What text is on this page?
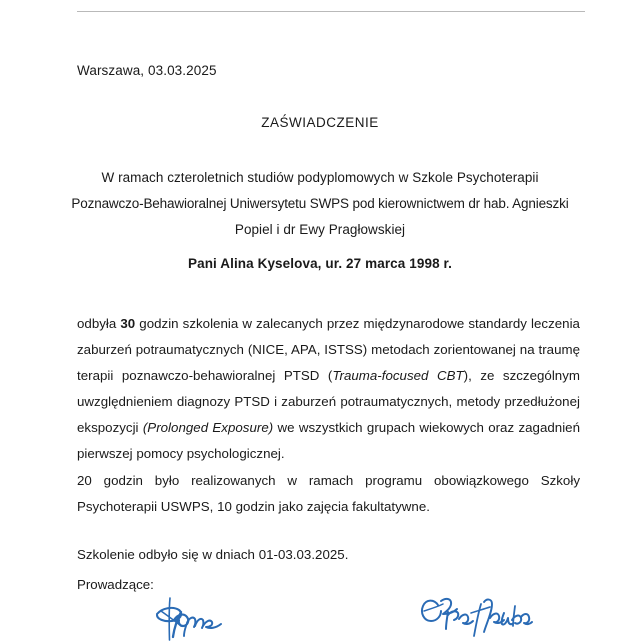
Warszawa, 03.03.2025
ZAŚWIADCZENIE
W ramach czteroletnich studiów podyplomowych w Szkole Psychoterapii
Poznawczo-Behawioralnej Uniwersytetu SWPS pod kierownictwem dr hab. Agnieszki
Popiel i dr Ewy Pragłowskiej
Pani Alina Kyselova, ur. 27 marca 1998 r.

odbyła 30 godzin szkolenia w zalecanych przez międzynarodowe standardy leczenia zaburzeń potraumatycznych (NICE, APA, ISTSS) metodach zorientowanej na traumę terapii poznawczo-behawioralnej PTSD (Trauma-focused CBT), ze szczególnym uwzględnieniem diagnozy PTSD i zaburzeń potraumatycznych, metody przedłużonej ekspozycji (Prolonged Exposure) we wszystkich grupach wiekowych oraz zagadnień pierwszej pomocy psychologicznej.

20 godzin było realizowanych w ramach programu obowiązkowego Szkoły Psychoterapii USWPS, 10 godzin jako zajęcia fakultatywne.

Szkolenie odbyło się w dniach 01-03.03.2025.

Prowadzące:
